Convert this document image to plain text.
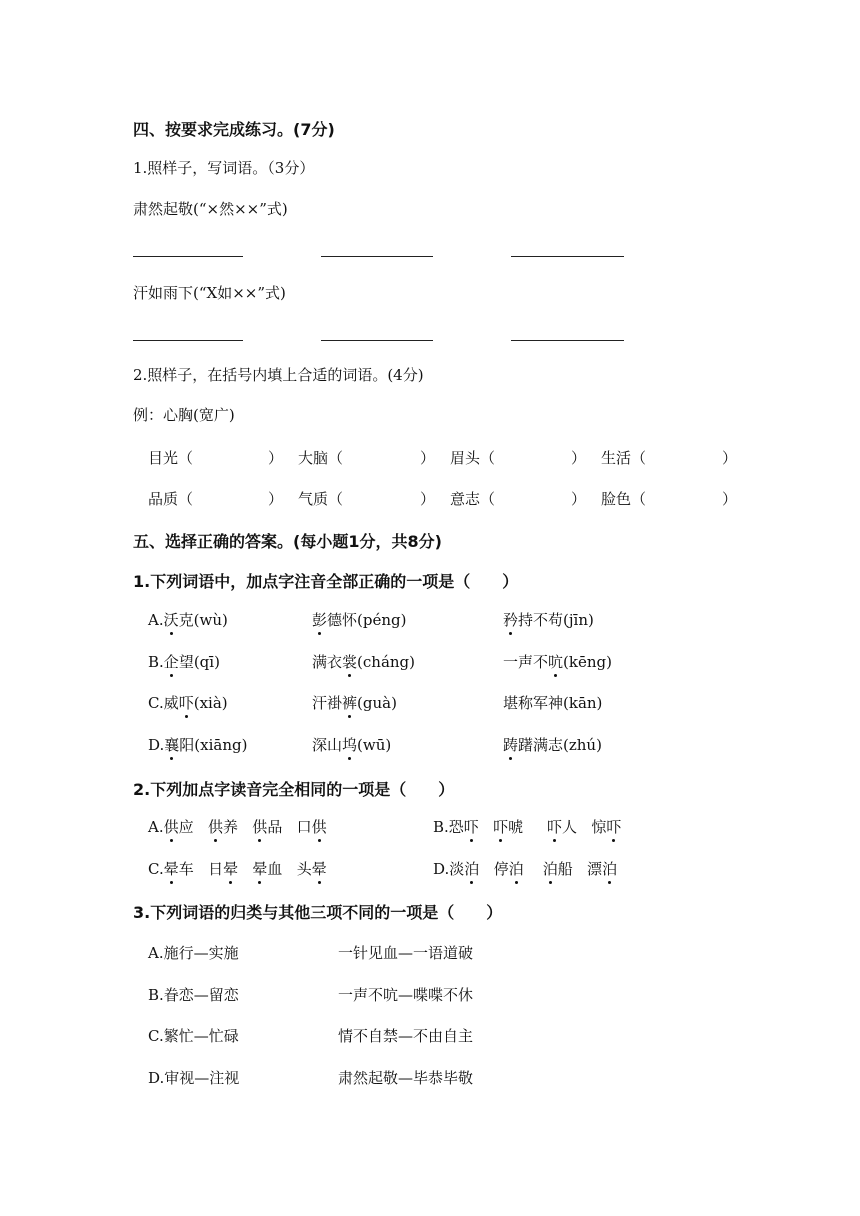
四、按要求完成练习。(7分)
1.照样子，写词语。（3分）
肃然起敬(“×然××”式)
汗如雨下(“X如××”式)
2.照样子，在括号内填上合适的词语。(4分)
例：心胸(宽广)
目光（	） 大脑（	） 眉头（	） 生活（	）
品质（	） 气质（	） 意志（	） 脸色（	）
五、选择正确的答案。(每小题1分，共8分)
1.下列词语中，加点字注音全部正确的一项是（　　）
A.沃克(wù)	彭德怀(péng)	矜持不苟(jīn)
B.企望(qī)	满衣裳(cháng)	一声不吭(kēng)
C.威吓(xià)	汗褂裤(guà)	堪称军神(kān)
D.襄阳(xiāng)	深山坞(wū)	踌躇满志(zhú)
2.下列加点字读音完全相同的一项是（　　）
A.供应 供养 供品 口供	B.恐吓 吓唬 吓人 惊吓
C.晕车 日晕 晕血 头晕	D.淡泊 停泊 泊船 漂泊
3.下列词语的归类与其他三项不同的一项是（　　）
A.施行—实施	一针见血—一语道破
B.眷恋—留恋	一声不吭—喋喋不休
C.繁忙—忙碌	情不自禁—不由自主
D.审视—注视	肃然起敬—毕恭毕敬
